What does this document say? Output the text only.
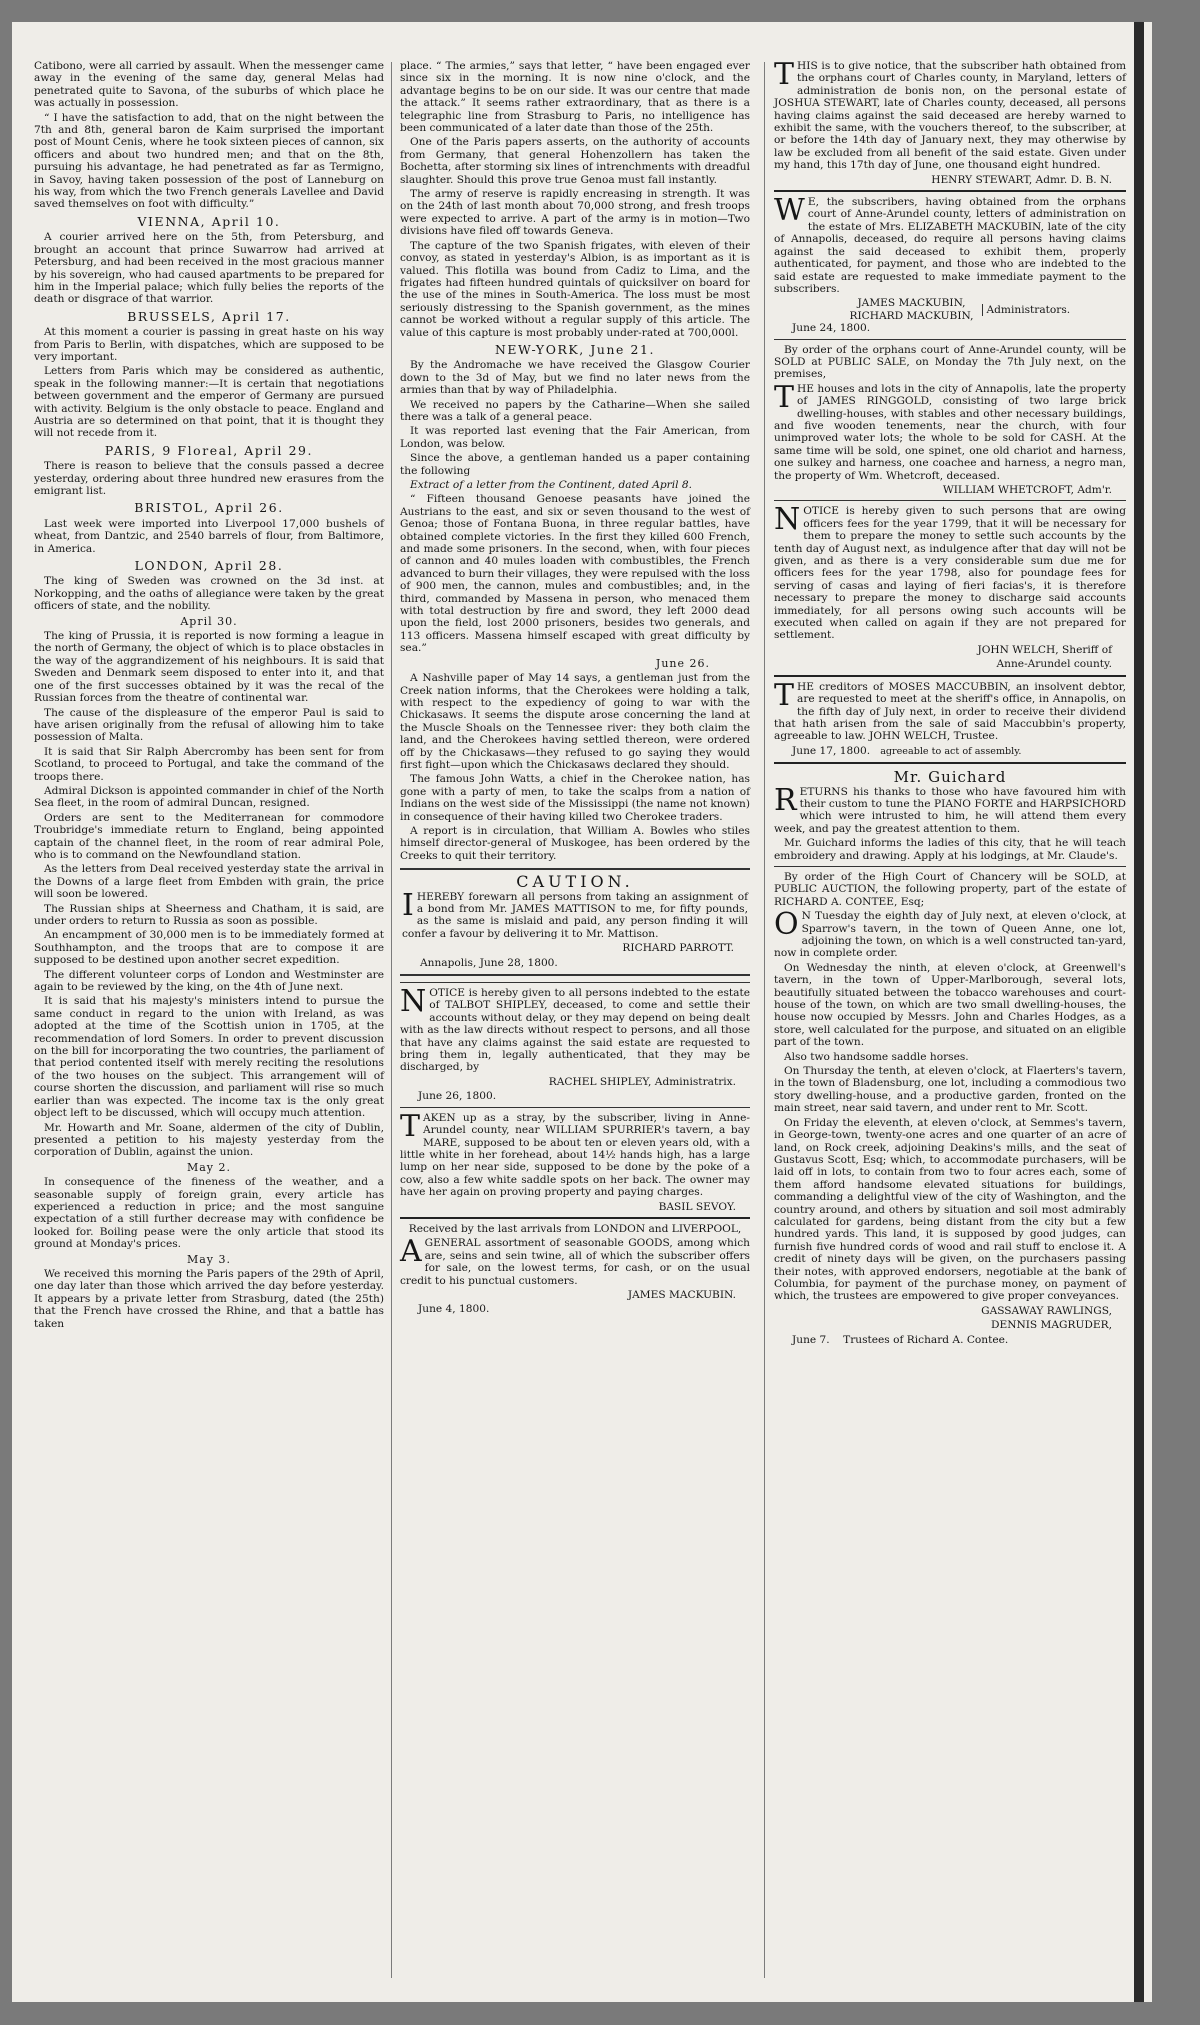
Catibono, were all carried by assault. When the messenger came away in the evening of the same day, general Melas had penetrated quite to Savona, of the suburbs of which place he was actually in possession.

“ I have the satisfaction to add, that on the night between the 7th and 8th, general baron de Kaim surprised the important post of Mount Cenis, where he took sixteen pieces of cannon, six officers and about two hundred men; and that on the 8th, pursuing his advantage, he had penetrated as far as Termigno, in Savoy, having taken possession of the post of Lanneburg on his way, from which the two French generals Lavellee and David saved themselves on foot with difficulty.”

VIENNA, April 10.

A courier arrived here on the 5th, from Petersburg, and brought an account that prince Suwarrow had arrived at Petersburg, and had been received in the most gracious manner by his sovereign, who had caused apartments to be prepared for him in the Imperial palace; which fully belies the reports of the death or disgrace of that warrior.

BRUSSELS, April 17.

At this moment a courier is passing in great haste on his way from Paris to Berlin, with dispatches, which are supposed to be very important.

Letters from Paris which may be considered as authentic, speak in the following manner:—It is certain that negotiations between government and the emperor of Germany are pursued with activity. Belgium is the only obstacle to peace. England and Austria are so determined on that point, that it is thought they will not recede from it.

PARIS, 9 Floreal, April 29.

There is reason to believe that the consuls passed a decree yesterday, ordering about three hundred new erasures from the emigrant list.

BRISTOL, April 26.

Last week were imported into Liverpool 17,000 bushels of wheat, from Dantzic, and 2540 barrels of flour, from Baltimore, in America.

LONDON, April 28.

The king of Sweden was crowned on the 3d inst. at Norkopping, and the oaths of allegiance were taken by the great officers of state, and the nobility.

April 30.

The king of Prussia, it is reported is now forming a league in the north of Germany, the object of which is to place obstacles in the way of the aggrandizement of his neighbours. It is said that Sweden and Denmark seem disposed to enter into it, and that one of the first successes obtained by it was the recal of the Russian forces from the theatre of continental war.

The cause of the displeasure of the emperor Paul is said to have arisen originally from the refusal of allowing him to take possession of Malta.

It is said that Sir Ralph Abercromby has been sent for from Scotland, to proceed to Portugal, and take the command of the troops there.

Admiral Dickson is appointed commander in chief of the North Sea fleet, in the room of admiral Duncan, resigned.

Orders are sent to the Mediterranean for commodore Troubridge's immediate return to England, being appointed captain of the channel fleet, in the room of rear admiral Pole, who is to command on the Newfoundland station.

As the letters from Deal received yesterday state the arrival in the Downs of a large fleet from Embden with grain, the price will soon be lowered.

The Russian ships at Sheerness and Chatham, it is said, are under orders to return to Russia as soon as possible.

An encampment of 30,000 men is to be immediately formed at Southhampton, and the troops that are to compose it are supposed to be destined upon another secret expedition.

The different volunteer corps of London and Westminster are again to be reviewed by the king, on the 4th of June next.

It is said that his majesty's ministers intend to pursue the same conduct in regard to the union with Ireland, as was adopted at the time of the Scottish union in 1705, at the recommendation of lord Somers. In order to prevent discussion on the bill for incorporating the two countries, the parliament of that period contented itself with merely reciting the resolutions of the two houses on the subject. This arrangement will of course shorten the discussion, and parliament will rise so much earlier than was expected. The income tax is the only great object left to be discussed, which will occupy much attention.

Mr. Howarth and Mr. Soane, aldermen of the city of Dublin, presented a petition to his majesty yesterday from the corporation of Dublin, against the union.

May 2.

In consequence of the fineness of the weather, and a seasonable supply of foreign grain, every article has experienced a reduction in price; and the most sanguine expectation of a still further decrease may with confidence be looked for. Boiling pease were the only article that stood its ground at Monday's prices.

May 3.

We received this morning the Paris papers of the 29th of April, one day later than those which arrived the day before yesterday. It appears by a private letter from Strasburg, dated (the 25th) that the French have crossed the Rhine, and that a battle has taken

place. “ The armies,” says that letter, “ have been engaged ever since six in the morning. It is now nine o'clock, and the advantage begins to be on our side. It was our centre that made the attack.” It seems rather extraordinary, that as there is a telegraphic line from Strasburg to Paris, no intelligence has been communicated of a later date than those of the 25th.

One of the Paris papers asserts, on the authority of accounts from Germany, that general Hohenzollern has taken the Bochetta, after storming six lines of intrenchments with dreadful slaughter. Should this prove true Genoa must fall instantly.

The army of reserve is rapidly encreasing in strength. It was on the 24th of last month about 70,000 strong, and fresh troops were expected to arrive. A part of the army is in motion—Two divisions have filed off towards Geneva.

The capture of the two Spanish frigates, with eleven of their convoy, as stated in yesterday's Albion, is as important as it is valued. This flotilla was bound from Cadiz to Lima, and the frigates had fifteen hundred quintals of quicksilver on board for the use of the mines in South-America. The loss must be most seriously distressing to the Spanish government, as the mines cannot be worked without a regular supply of this article. The value of this capture is most probably under-rated at 700,000l.

NEW-YORK, June 21.

By the Andromache we have received the Glasgow Courier down to the 3d of May, but we find no later news from the armies than that by way of Philadelphia.

We received no papers by the Catharine—When she sailed there was a talk of a general peace.

It was reported last evening that the Fair American, from London, was below.

Since the above, a gentleman handed us a paper containing the following

Extract of a letter from the Continent, dated April 8.

“ Fifteen thousand Genoese peasants have joined the Austrians to the east, and six or seven thousand to the west of Genoa; those of Fontana Buona, in three regular battles, have obtained complete victories. In the first they killed 600 French, and made some prisoners. In the second, when, with four pieces of cannon and 40 mules loaden with combustibles, the French advanced to burn their villages, they were repulsed with the loss of 900 men, the cannon, mules and combustibles; and, in the third, commanded by Massena in person, who menaced them with total destruction by fire and sword, they left 2000 dead upon the field, lost 2000 prisoners, besides two generals, and 113 officers. Massena himself escaped with great difficulty by sea.”

June 26.

A Nashville paper of May 14 says, a gentleman just from the Creek nation informs, that the Cherokees were holding a talk, with respect to the expediency of going to war with the Chickasaws. It seems the dispute arose concerning the land at the Muscle Shoals on the Tennessee river: they both claim the land, and the Cherokees having settled thereon, were ordered off by the Chickasaws—they refused to go saying they would first fight—upon which the Chickasaws declared they should.

The famous John Watts, a chief in the Cherokee nation, has gone with a party of men, to take the scalps from a nation of Indians on the west side of the Mississippi (the name not known) in consequence of their having killed two Cherokee traders.

A report is in circulation, that William A. Bowles who stiles himself director-general of Muskogee, has been ordered by the Creeks to quit their territory.

CAUTION.

IHEREBY forewarn all persons from taking an assignment of a bond from Mr. JAMES MATTISON to me, for fifty pounds, as the same is mislaid and paid, any person finding it will confer a favour by delivering it to Mr. Mattison.

RICHARD PARROTT.

Annapolis, June 28, 1800.

NOTICE is hereby given to all persons indebted to the estate of TALBOT SHIPLEY, deceased, to come and settle their accounts without delay, or they may depend on being dealt with as the law directs without respect to persons, and all those that have any claims against the said estate are requested to bring them in, legally authenticated, that they may be discharged, by

RACHEL SHIPLEY, Administratrix.

June 26, 1800.

TAKEN up as a stray, by the subscriber, living in Anne-Arundel county, near WILLIAM SPURRIER's tavern, a bay MARE, supposed to be about ten or eleven years old, with a little white in her forehead, about 14½ hands high, has a large lump on her near side, supposed to be done by the poke of a cow, also a few white saddle spots on her back. The owner may have her again on proving property and paying charges.

BASIL SEVOY.

Received by the last arrivals from LONDON and LIVERPOOL,

AGENERAL assortment of seasonable GOODS, among which are, seins and sein twine, all of which the subscriber offers for sale, on the lowest terms, for cash, or on the usual credit to his punctual customers.

JAMES MACKUBIN.

June 4, 1800.

THIS is to give notice, that the subscriber hath obtained from the orphans court of Charles county, in Maryland, letters of administration de bonis non, on the personal estate of JOSHUA STEWART, late of Charles county, deceased, all persons having claims against the said deceased are hereby warned to exhibit the same, with the vouchers thereof, to the subscriber, at or before the 14th day of January next, they may otherwise by law be excluded from all benefit of the said estate. Given under my hand, this 17th day of June, one thousand eight hundred.

HENRY STEWART, Admr. D. B. N.

W E, the subscribers, having obtained from the orphans court of Anne-Arundel county, letters of administration on the estate of Mrs. ELIZABETH MACKUBIN, late of the city of Annapolis, deceased, do require all persons having claims against the said deceased to exhibit them, properly authenticated, for payment, and those who are indebted to the said estate are requested to make immediate payment to the subscribers.

JAMES MACKUBIN,
RICHARD MACKUBIN,
Administrators.

June 24, 1800.

By order of the orphans court of Anne-Arundel county, will be SOLD at PUBLIC SALE, on Monday the 7th July next, on the premises,

THE houses and lots in the city of Annapolis, late the property of JAMES RINGGOLD, consisting of two large brick dwelling-houses, with stables and other necessary buildings, and five wooden tenements, near the church, with four unimproved water lots; the whole to be sold for CASH. At the same time will be sold, one spinet, one old chariot and harness, one sulkey and harness, one coachee and harness, a negro man, the property of Wm. Whetcroft, deceased.

WILLIAM WHETCROFT, Adm'r.

NOTICE is hereby given to such persons that are owing officers fees for the year 1799, that it will be necessary for them to prepare the money to settle such accounts by the tenth day of August next, as indulgence after that day will not be given, and as there is a very considerable sum due me for officers fees for the year 1798, also for poundage fees for serving of casas and laying of fieri facias's, it is therefore necessary to prepare the money to discharge said accounts immediately, for all persons owing such accounts will be executed when called on again if they are not prepared for settlement.

JOHN WELCH, Sheriff of

Anne-Arundel county.

THE creditors of MOSES MACCUBBIN, an insolvent debtor, are requested to meet at the sheriff's office, in Annapolis, on the fifth day of July next, in order to receive their dividend that hath arisen from the sale of said Maccubbin's property, agreeable to law. JOHN WELCH, Trustee.

June 17, 1800. agreeable to act of assembly.

Mr. Guichard

RETURNS his thanks to those who have favoured him with their custom to tune the PIANO FORTE and HARPSICHORD which were intrusted to him, he will attend them every week, and pay the greatest attention to them.

Mr. Guichard informs the ladies of this city, that he will teach embroidery and drawing. Apply at his lodgings, at Mr. Claude's.

By order of the High Court of Chancery will be SOLD, at PUBLIC AUCTION, the following property, part of the estate of RICHARD A. CONTEE, Esq;

O N Tuesday the eighth day of July next, at eleven o'clock, at Sparrow's tavern, in the town of Queen Anne, one lot, adjoining the town, on which is a well constructed tan-yard, now in complete order.

On Wednesday the ninth, at eleven o'clock, at Greenwell's tavern, in the town of Upper-Marlborough, several lots, beautifully situated between the tobacco warehouses and court-house of the town, on which are two small dwelling-houses, the house now occupied by Messrs. John and Charles Hodges, as a store, well calculated for the purpose, and situated on an eligible part of the town.

Also two handsome saddle horses.

On Thursday the tenth, at eleven o'clock, at Flaerters's tavern, in the town of Bladensburg, one lot, including a commodious two story dwelling-house, and a productive garden, fronted on the main street, near said tavern, and under rent to Mr. Scott.

On Friday the eleventh, at eleven o'clock, at Semmes's tavern, in George-town, twenty-one acres and one quarter of an acre of land, on Rock creek, adjoining Deakins's mills, and the seat of Gustavus Scott, Esq; which, to accommodate purchasers, will be laid off in lots, to contain from two to four acres each, some of them afford handsome elevated situations for buildings, commanding a delightful view of the city of Washington, and the country around, and others by situation and soil most admirably calculated for gardens, being distant from the city but a few hundred yards. This land, it is supposed by good judges, can furnish five hundred cords of wood and rail stuff to enclose it. A credit of ninety days will be given, on the purchasers passing their notes, with approved endorsers, negotiable at the bank of Columbia, for payment of the purchase money, on payment of which, the trustees are empowered to give proper conveyances.

GASSAWAY RAWLINGS,

DENNIS MAGRUDER,

June 7. Trustees of Richard A. Contee.
